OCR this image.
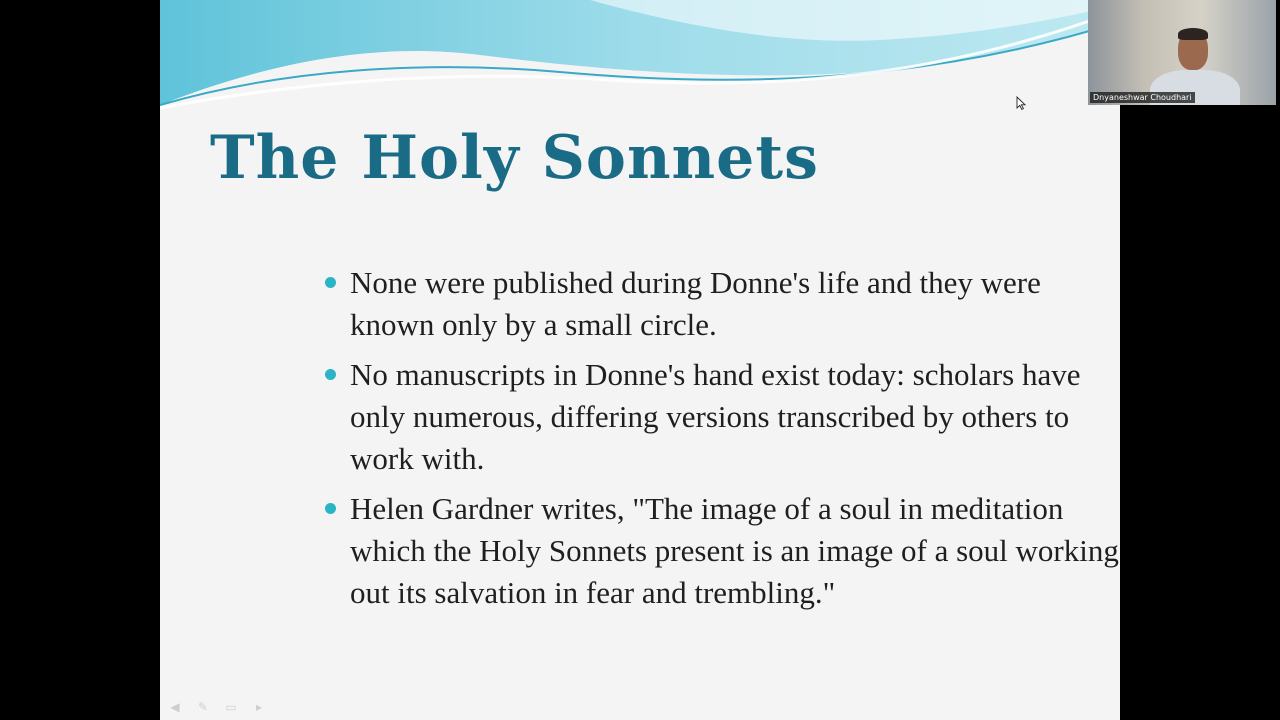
The Holy Sonnets
None were published during Donne's life and they were known only by a small circle.
No manuscripts in Donne's hand exist today: scholars have only numerous, differing versions transcribed by others to work with.
Helen Gardner writes, "The image of a soul in meditation which the Holy Sonnets present is an image of a soul working out its salvation in fear and trembling."
◀ ✎ ▭	▸
Dnyaneshwar Choudhari
